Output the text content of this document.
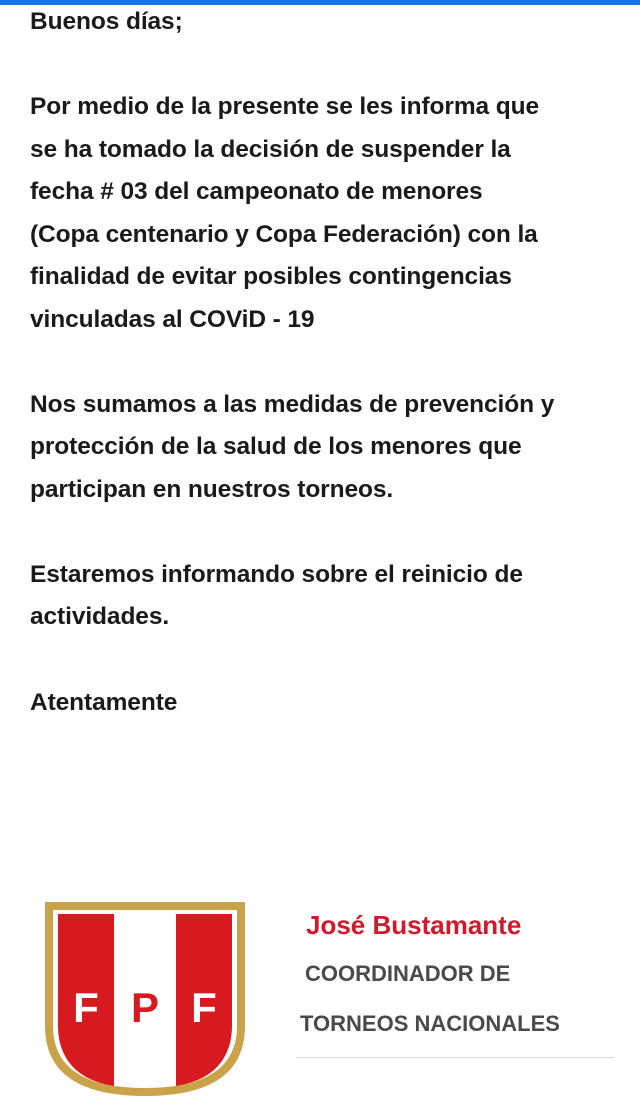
Buenos días;

Por medio de la presente se les informa que
se ha tomado la decisión de suspender la
fecha # 03 del campeonato de menores
(Copa centenario y Copa Federación) con la
finalidad de evitar posibles contingencias
vinculadas al COViD - 19

Nos sumamos a las medidas de prevención y
protección de la salud de los menores que
participan en nuestros torneos.

Estaremos informando sobre el reinicio de
actividades.

Atentamente

F P F
José Bustamante
COORDINADOR DE
TORNEOS NACIONALES
